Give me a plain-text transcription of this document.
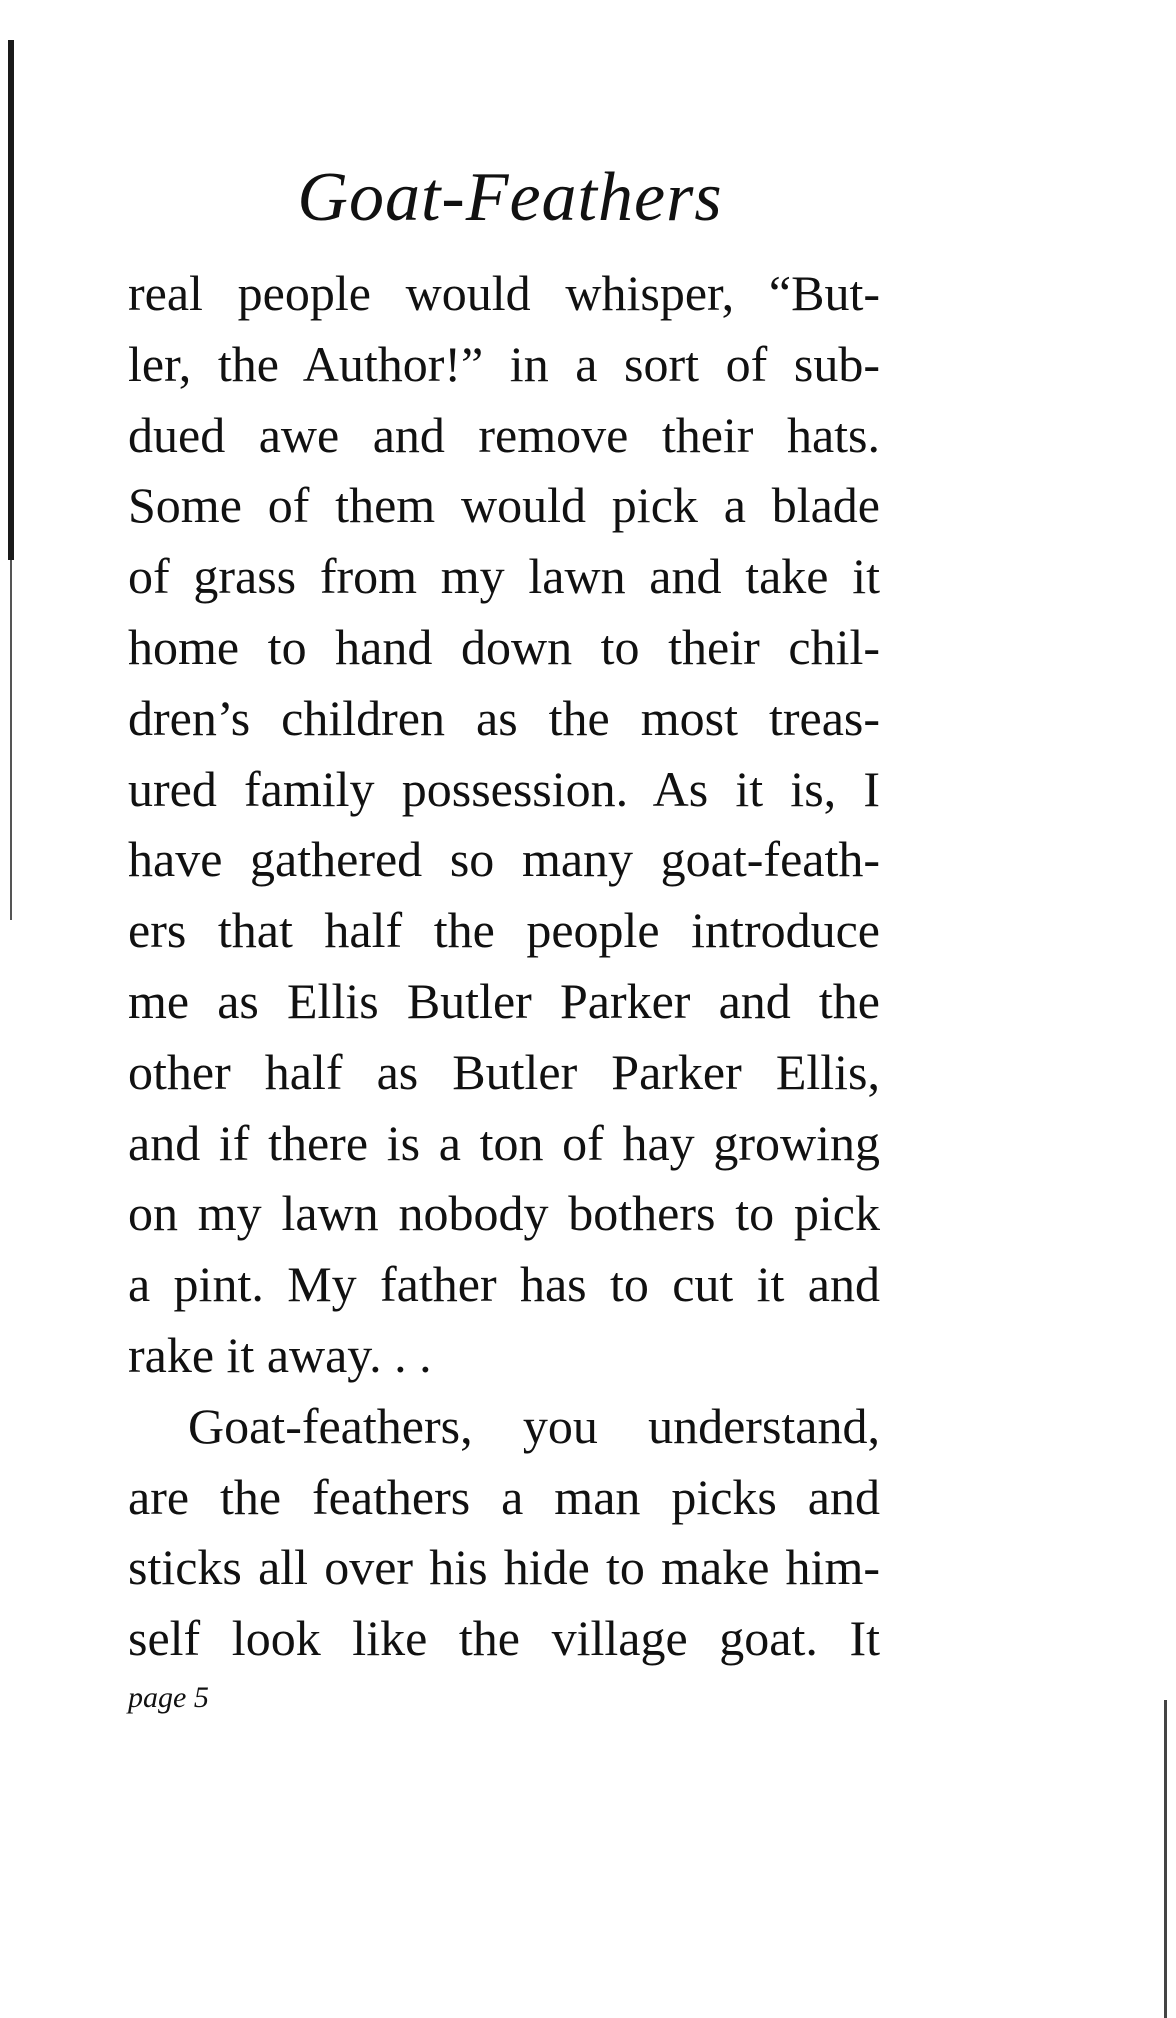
Goat-Feathers
real people would whisper, “But-
ler, the Author!” in a sort of sub-
dued awe and remove their hats.
Some of them would pick a blade
of grass from my lawn and take it
home to hand down to their chil-
dren’s children as the most treas-
ured family possession. As it is, I
have gathered so many goat-feath-
ers that half the people introduce
me as Ellis Butler Parker and the
other half as Butler Parker Ellis,
and if there is a ton of hay growing
on my lawn nobody bothers to pick
a pint. My father has to cut it and
rake it away. . .
Goat-feathers, you understand,
are the feathers a man picks and
sticks all over his hide to make him-
self look like the village goat. It
page 5
